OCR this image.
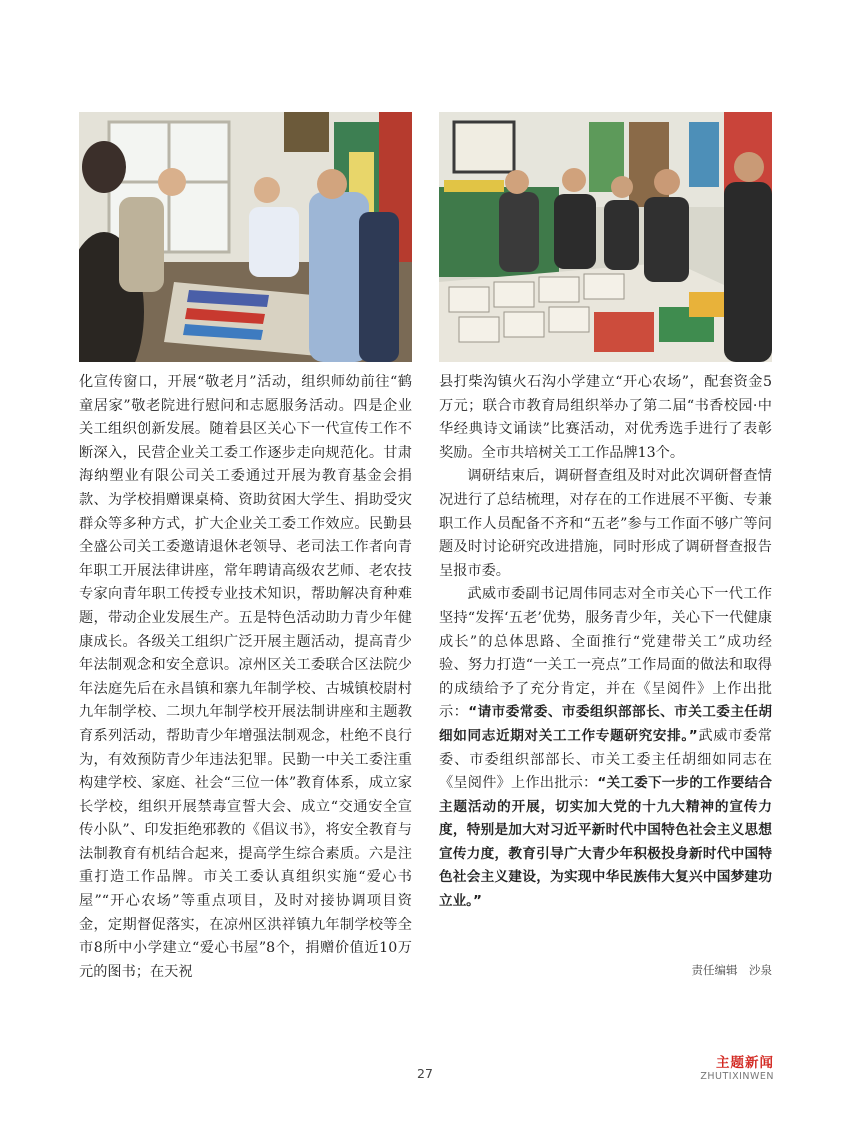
化宣传窗口，开展“敬老月”活动，组织师幼前往“鹤童居家”敬老院进行慰问和志愿服务活动。四是企业关工组织创新发展。随着县区关心下一代宣传工作不断深入，民营企业关工委工作逐步走向规范化。甘肃海纳塑业有限公司关工委通过开展为教育基金会捐款、为学校捐赠课桌椅、资助贫困大学生、捐助受灾群众等多种方式，扩大企业关工委工作效应。民勤县全盛公司关工委邀请退休老领导、老司法工作者向青年职工开展法律讲座，常年聘请高级农艺师、老农技专家向青年职工传授专业技术知识，帮助解决育种难题，带动企业发展生产。五是特色活动助力青少年健康成长。各级关工组织广泛开展主题活动，提高青少年法制观念和安全意识。凉州区关工委联合区法院少年法庭先后在永昌镇和寨九年制学校、古城镇校尉村九年制学校、二坝九年制学校开展法制讲座和主题教育系列活动，帮助青少年增强法制观念，杜绝不良行为，有效预防青少年违法犯罪。民勤一中关工委注重构建学校、家庭、社会“三位一体”教育体系，成立家长学校，组织开展禁毒宣誓大会、成立“交通安全宣传小队”、印发拒绝邪教的《倡议书》，将安全教育与法制教育有机结合起来，提高学生综合素质。六是注重打造工作品牌。市关工委认真组织实施“爱心书屋”“开心农场”等重点项目，及时对接协调项目资金，定期督促落实，在凉州区洪祥镇九年制学校等全市8所中小学建立“爱心书屋”8个，捐赠价值近10万元的图书；在天祝

县打柴沟镇火石沟小学建立“开心农场”，配套资金5万元；联合市教育局组织举办了第二届“书香校园·中华经典诗文诵读”比赛活动，对优秀选手进行了表彰奖励。全市共培树关工工作品牌13个。

调研结束后，调研督查组及时对此次调研督查情况进行了总结梳理，对存在的工作进展不平衡、专兼职工作人员配备不齐和“五老”参与工作面不够广等问题及时讨论研究改进措施，同时形成了调研督查报告呈报市委。

武威市委副书记周伟同志对全市关心下一代工作坚持“发挥‘五老’优势，服务青少年，关心下一代健康成长”的总体思路、全面推行“党建带关工”成功经验、努力打造“一关工一亮点”工作局面的做法和取得的成绩给予了充分肯定，并在《呈阅件》上作出批示：“请市委常委、市委组织部部长、市关工委主任胡细如同志近期对关工工作专题研究安排。”武威市委常委、市委组织部部长、市关工委主任胡细如同志在《呈阅件》上作出批示：“关工委下一步的工作要结合主题活动的开展，切实加大党的十九大精神的宣传力度，特别是加大对习近平新时代中国特色社会主义思想宣传力度，教育引导广大青少年积极投身新时代中国特色社会主义建设，为实现中华民族伟大复兴中国梦建功立业。”

责任编辑　沙泉
27
主题新闻
ZHUTIXINWEN
